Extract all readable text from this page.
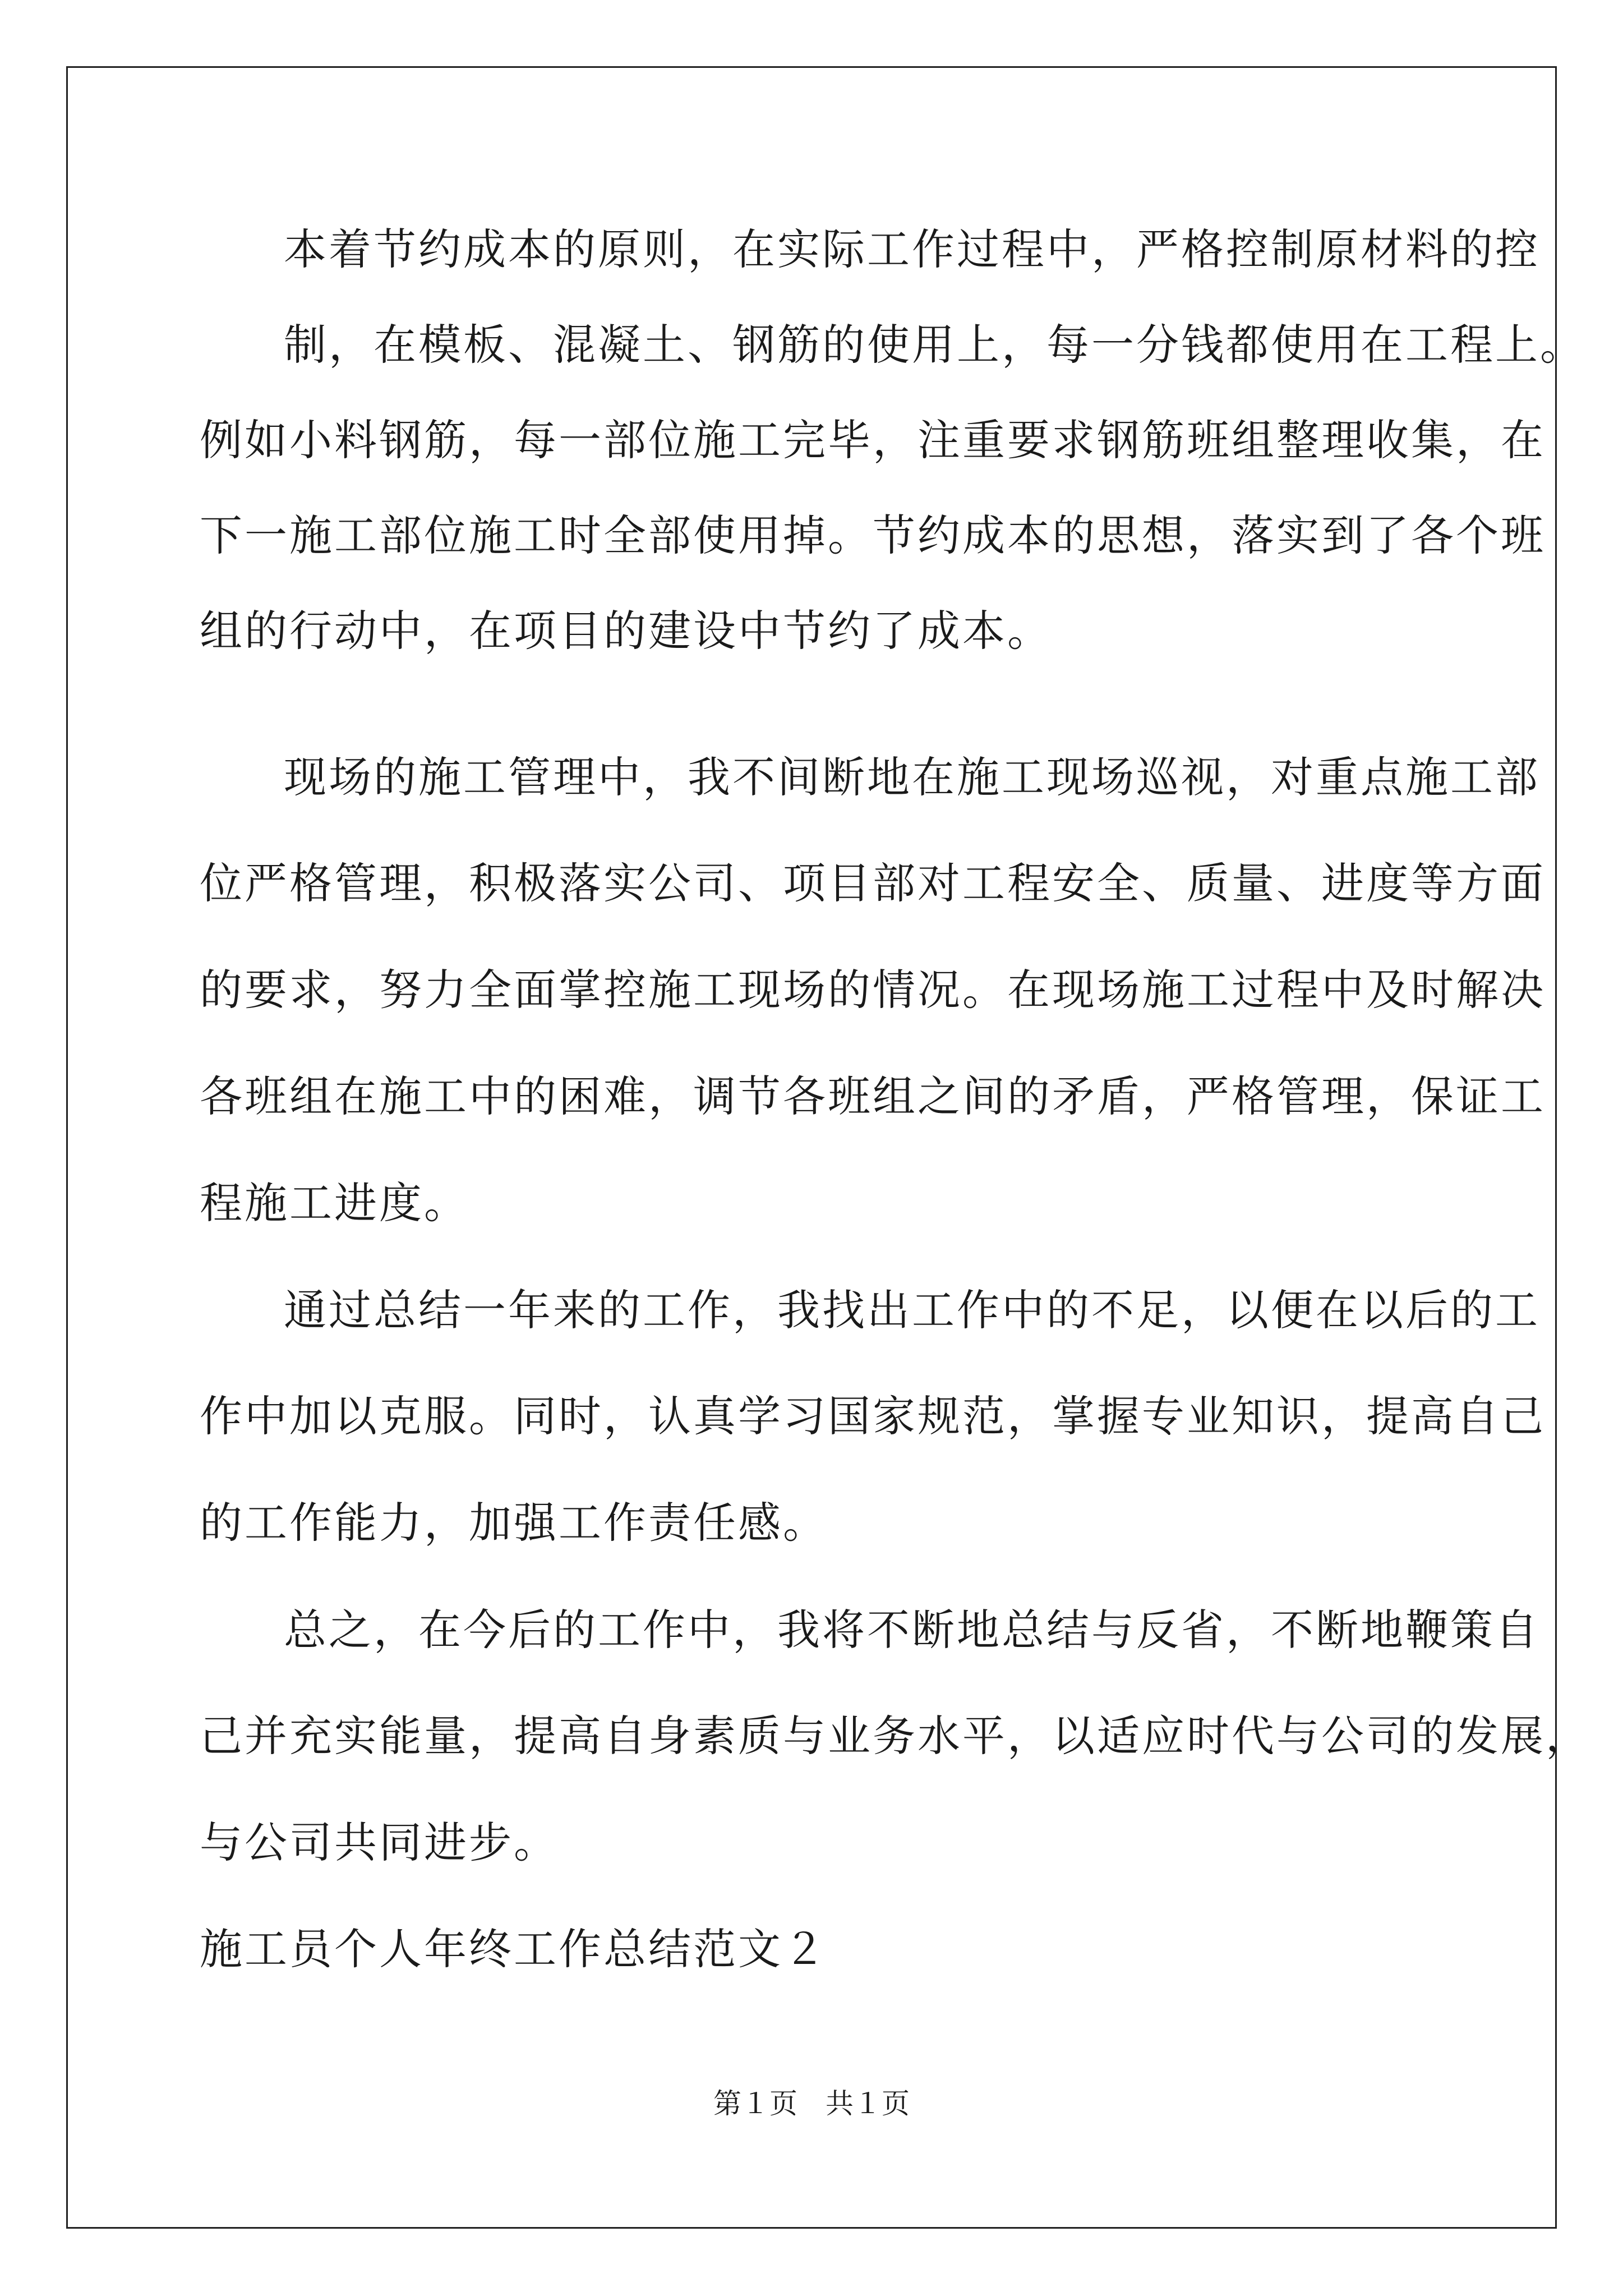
本着节约成本的原则，在实际工作过程中，严格控制原材料的控
制，在模板、混凝土、钢筋的使用上，每一分钱都使用在工程上。
例如小料钢筋，每一部位施工完毕，注重要求钢筋班组整理收集，在
下一施工部位施工时全部使用掉。节约成本的思想，落实到了各个班
组的行动中，在项目的建设中节约了成本。
现场的施工管理中，我不间断地在施工现场巡视，对重点施工部
位严格管理，积极落实公司、项目部对工程安全、质量、进度等方面
的要求，努力全面掌控施工现场的情况。在现场施工过程中及时解决
各班组在施工中的困难，调节各班组之间的矛盾，严格管理，保证工
程施工进度。
通过总结一年来的工作，我找出工作中的不足，以便在以后的工
作中加以克服。同时，认真学习国家规范，掌握专业知识，提高自己
的工作能力，加强工作责任感。
总之，在今后的工作中，我将不断地总结与反省，不断地鞭策自
己并充实能量，提高自身素质与业务水平，以适应时代与公司的发展，
与公司共同进步。
施工员个人年终工作总结范文２
第１页　共１页
